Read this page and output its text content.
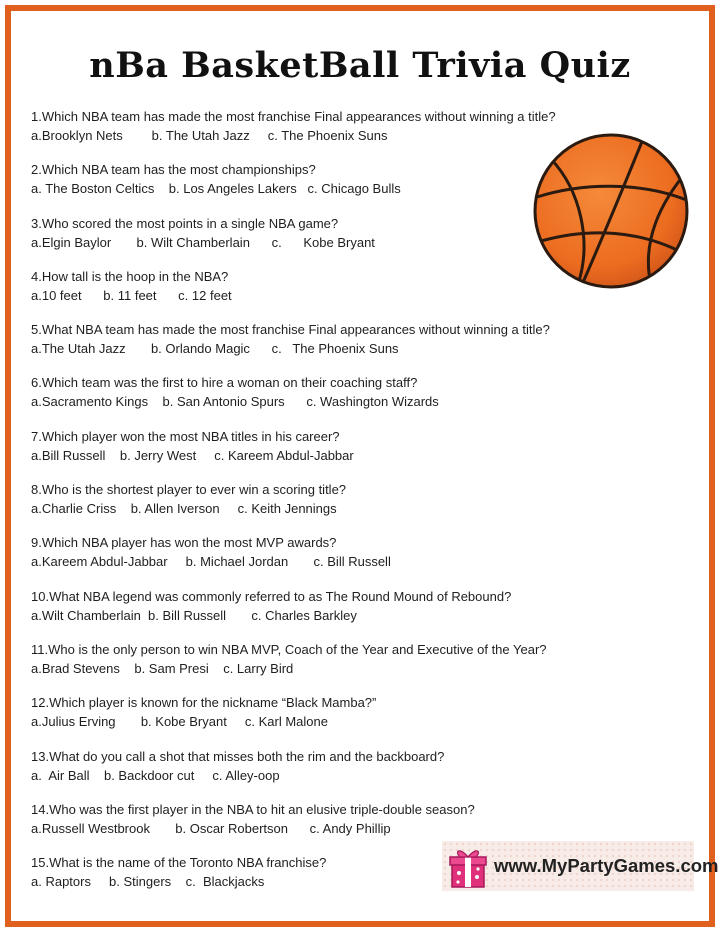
nBa BasketBall Trivia Quiz
1.Which NBA team has made the most franchise Final appearances without winning a title?
a.Brooklyn Nets        b. The Utah Jazz     c. The Phoenix Suns
2.Which NBA team has the most championships?
a. The Boston Celtics    b. Los Angeles Lakers   c. Chicago Bulls
3.Who scored the most points in a single NBA game?
a.Elgin Baylor       b. Wilt Chamberlain      c.      Kobe Bryant
4.How tall is the hoop in the NBA?
a.10 feet      b. 11 feet      c. 12 feet
5.What NBA team has made the most franchise Final appearances without winning a title?
a.The Utah Jazz       b. Orlando Magic      c.   The Phoenix Suns
6.Which team was the first to hire a woman on their coaching staff?
a.Sacramento Kings    b. San Antonio Spurs      c. Washington Wizards
7.Which player won the most NBA titles in his career?
a.Bill Russell    b. Jerry West     c. Kareem Abdul-Jabbar
8.Who is the shortest player to ever win a scoring title?
a.Charlie Criss    b. Allen Iverson     c. Keith Jennings
9.Which NBA player has won the most MVP awards?
a.Kareem Abdul-Jabbar     b. Michael Jordan       c. Bill Russell
10.What NBA legend was commonly referred to as The Round Mound of Rebound?
a.Wilt Chamberlain  b. Bill Russell       c. Charles Barkley
11.Who is the only person to win NBA MVP, Coach of the Year and Executive of the Year?
a.Brad Stevens    b. Sam Presi    c. Larry Bird
12.Which player is known for the nickname “Black Mamba?”
a.Julius Erving       b. Kobe Bryant     c. Karl Malone
13.What do you call a shot that misses both the rim and the backboard?
a.  Air Ball    b. Backdoor cut     c. Alley-oop
14.Who was the first player in the NBA to hit an elusive triple-double season?
a.Russell Westbrook       b. Oscar Robertson      c. Andy Phillip
15.What is the name of the Toronto NBA franchise?
a. Raptors     b. Stingers    c.  Blackjacks
www.MyPartyGames.com
